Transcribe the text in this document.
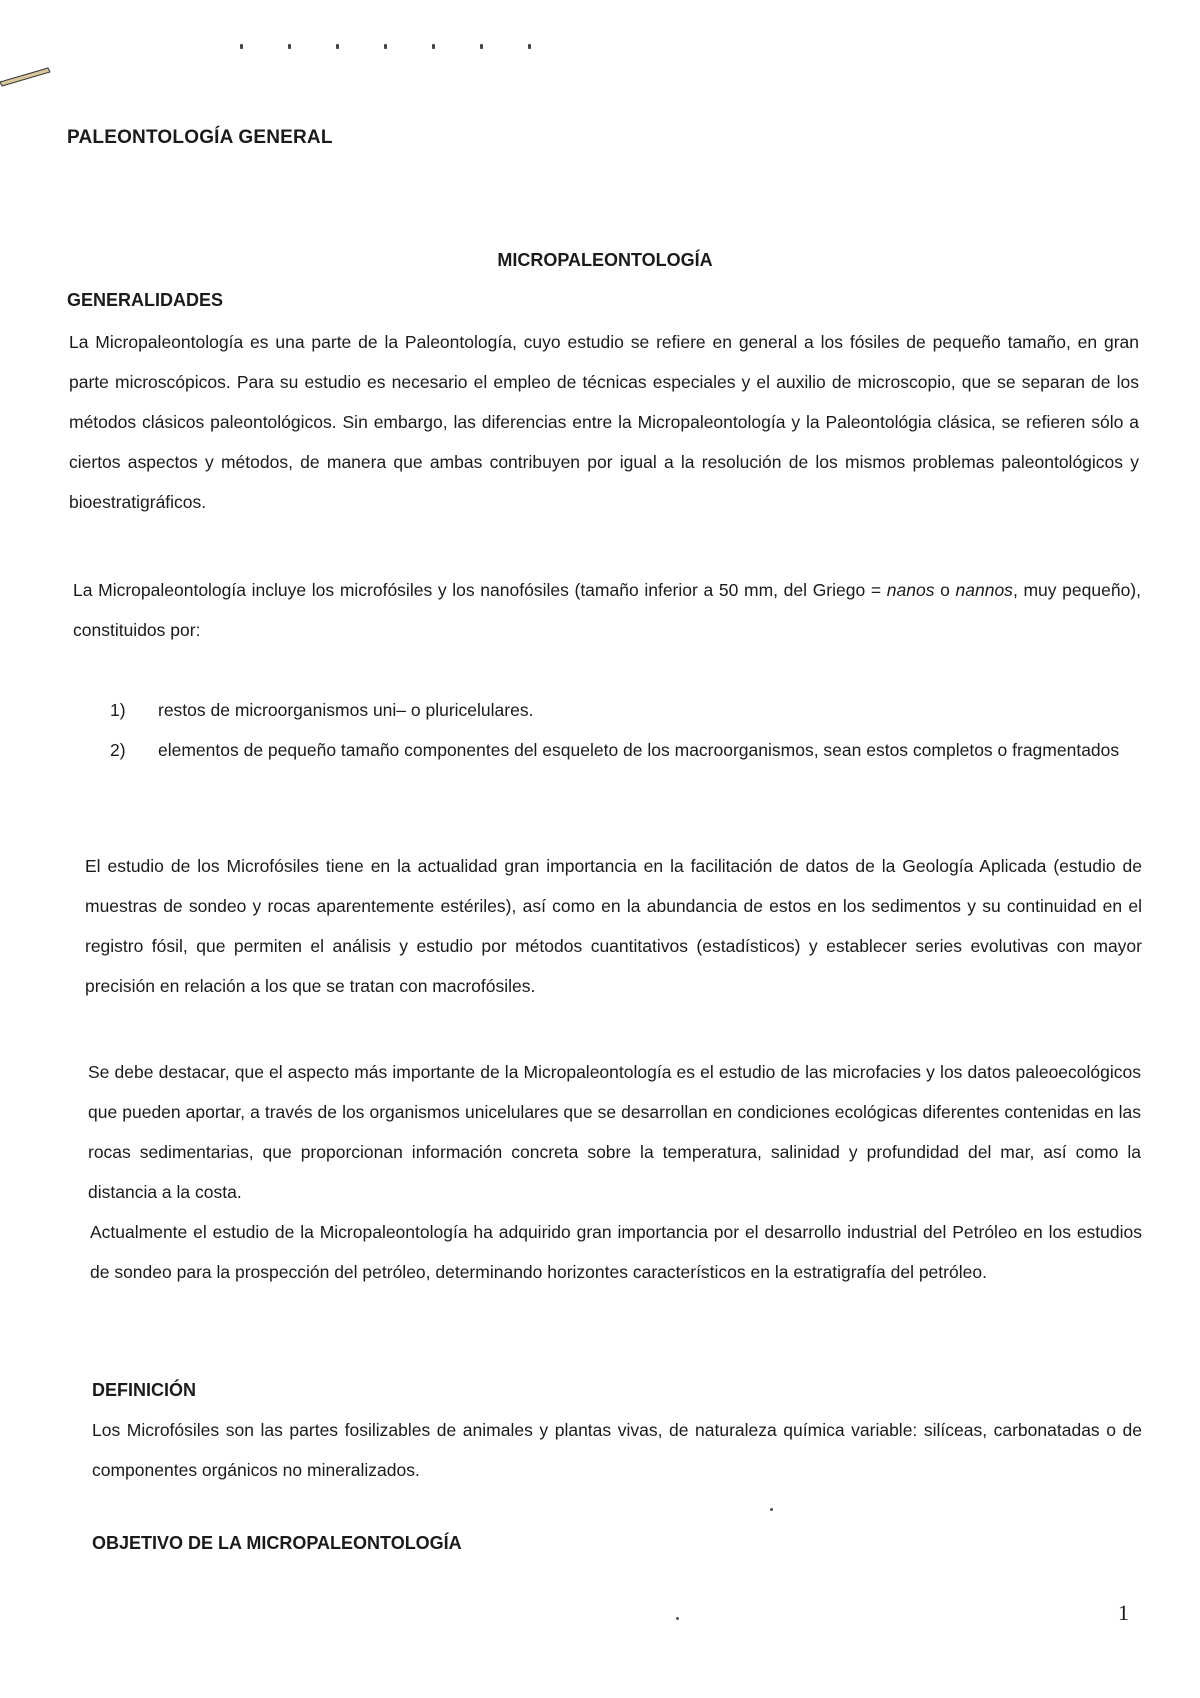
PALEONTOLOGÍA GENERAL
MICROPALEONTOLOGÍA
GENERALIDADES

La Micropaleontología es una parte de la Paleontología, cuyo estudio se refiere en general a los fósiles de pequeño tamaño, en gran parte microscópicos. Para su estudio es necesario el empleo de técnicas especiales y el auxilio de microscopio, que se separan de los métodos clásicos paleontológicos. Sin embargo, las diferencias entre la Micropaleontología y la Paleontológia clásica, se refieren sólo a ciertos aspectos y métodos, de manera que ambas contribuyen por igual a la resolución de los mismos problemas paleontológicos y bioestratigráficos.

La Micropaleontología incluye los microfósiles y los nanofósiles (tamaño inferior a 50 mm, del Griego = nanos o nannos, muy pequeño), constituidos por:

1)	restos de microorganismos uni– o pluricelulares.
2)	elementos de pequeño tamaño componentes del esqueleto de los macroorganismos, sean estos completos o fragmentados

El estudio de los Microfósiles tiene en la actualidad gran importancia en la facilitación de datos de la Geología Aplicada (estudio de muestras de sondeo y rocas aparentemente estériles), así como en la abundancia de estos en los sedimentos y su continuidad en el registro fósil, que permiten el análisis y estudio por métodos cuantitativos (estadísticos) y establecer series evolutivas con mayor precisión en relación a los que se tratan con macrofósiles.

Se debe destacar, que el aspecto más importante de la Micropaleontología es el estudio de las microfacies y los datos paleoecológicos que pueden aportar, a través de los organismos unicelulares que se desarrollan en condiciones ecológicas diferentes contenidas en las rocas sedimentarias, que proporcionan información concreta sobre la temperatura, salinidad y profundidad del mar, así como la distancia a la costa.

Actualmente el estudio de la Micropaleontología ha adquirido gran importancia por el desarrollo industrial del Petróleo en los estudios de sondeo para la prospección del petróleo, determinando horizontes característicos en la estratigrafía del petróleo.

DEFINICIÓN

Los Microfósiles son las partes fosilizables de animales y plantas vivas, de naturaleza química variable: silíceas, carbonatadas o de componentes orgánicos no mineralizados.

OBJETIVO DE LA MICROPALEONTOLOGÍA
1
